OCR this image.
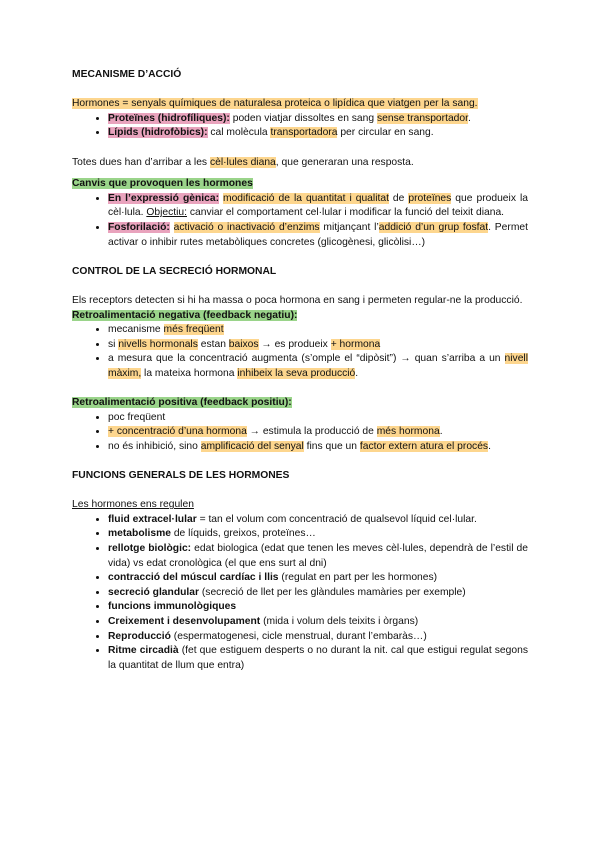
MECANISME D’ACCIÓ

Hormones = senyals químiques de naturalesa proteica o lipídica que viatgen per la sang.

• Proteïnes (hidrofíliques): poden viatjar dissoltes en sang sense transportador.
• Lípids (hidrofòbics): cal molècula transportadora per circular en sang.

Totes dues han d’arribar a les cèl·lules diana, que generaran una resposta.

Canvis que provoquen les hormones

• En l’expressió gènica: modificació de la quantitat i qualitat de proteïnes que produeix la cèl·lula. Objectiu: canviar el comportament cel·lular i modificar la funció del teixit diana.
• Fosforilació: activació o inactivació d’enzims mitjançant l’addició d’un grup fosfat. Permet activar o inhibir rutes metabòliques concretes (glicogènesi, glicòlisi…)
CONTROL DE LA SECRECIÓ HORMONAL

Els receptors detecten si hi ha massa o poca hormona en sang i permeten regular-ne la producció.

Retroalimentació negativa (feedback negatiu):

• mecanisme més freqüent
• si nivells hormonals estan baixos → es produeix + hormona
• a mesura que la concentració augmenta (s’omple el “dipòsit”) → quan s’arriba a un nivell màxim, la mateixa hormona inhibeix la seva producció.

Retroalimentació positiva (feedback positiu):

• poc freqüent
• + concentració d’una hormona → estimula la producció de més hormona.
• no és inhibició, sino amplificació del senyal fins que un factor extern atura el procés.
FUNCIONS GENERALS DE LES HORMONES

Les hormones ens regulen

• fluid extracel·lular = tan el volum com concentració de qualsevol líquid cel·lular.
• metabolisme de líquids, greixos, proteïnes…
• rellotge biològic: edat biologica (edat que tenen les meves cèl·lules, dependrà de l’estil de vida) vs edat cronològica (el que ens surt al dni)
• contracció del múscul cardíac i llis (regulat en part per les hormones)
• secreció glandular (secreció de llet per les glàndules mamàries per exemple)
• funcions immunològiques
• Creixement i desenvolupament (mida i volum dels teixits i òrgans)
• Reproducció (espermatogenesi, cicle menstrual, durant l’embaràs…)
• Ritme circadià (fet que estiguem desperts o no durant la nit. cal que estigui regulat segons la quantitat de llum que entra)
